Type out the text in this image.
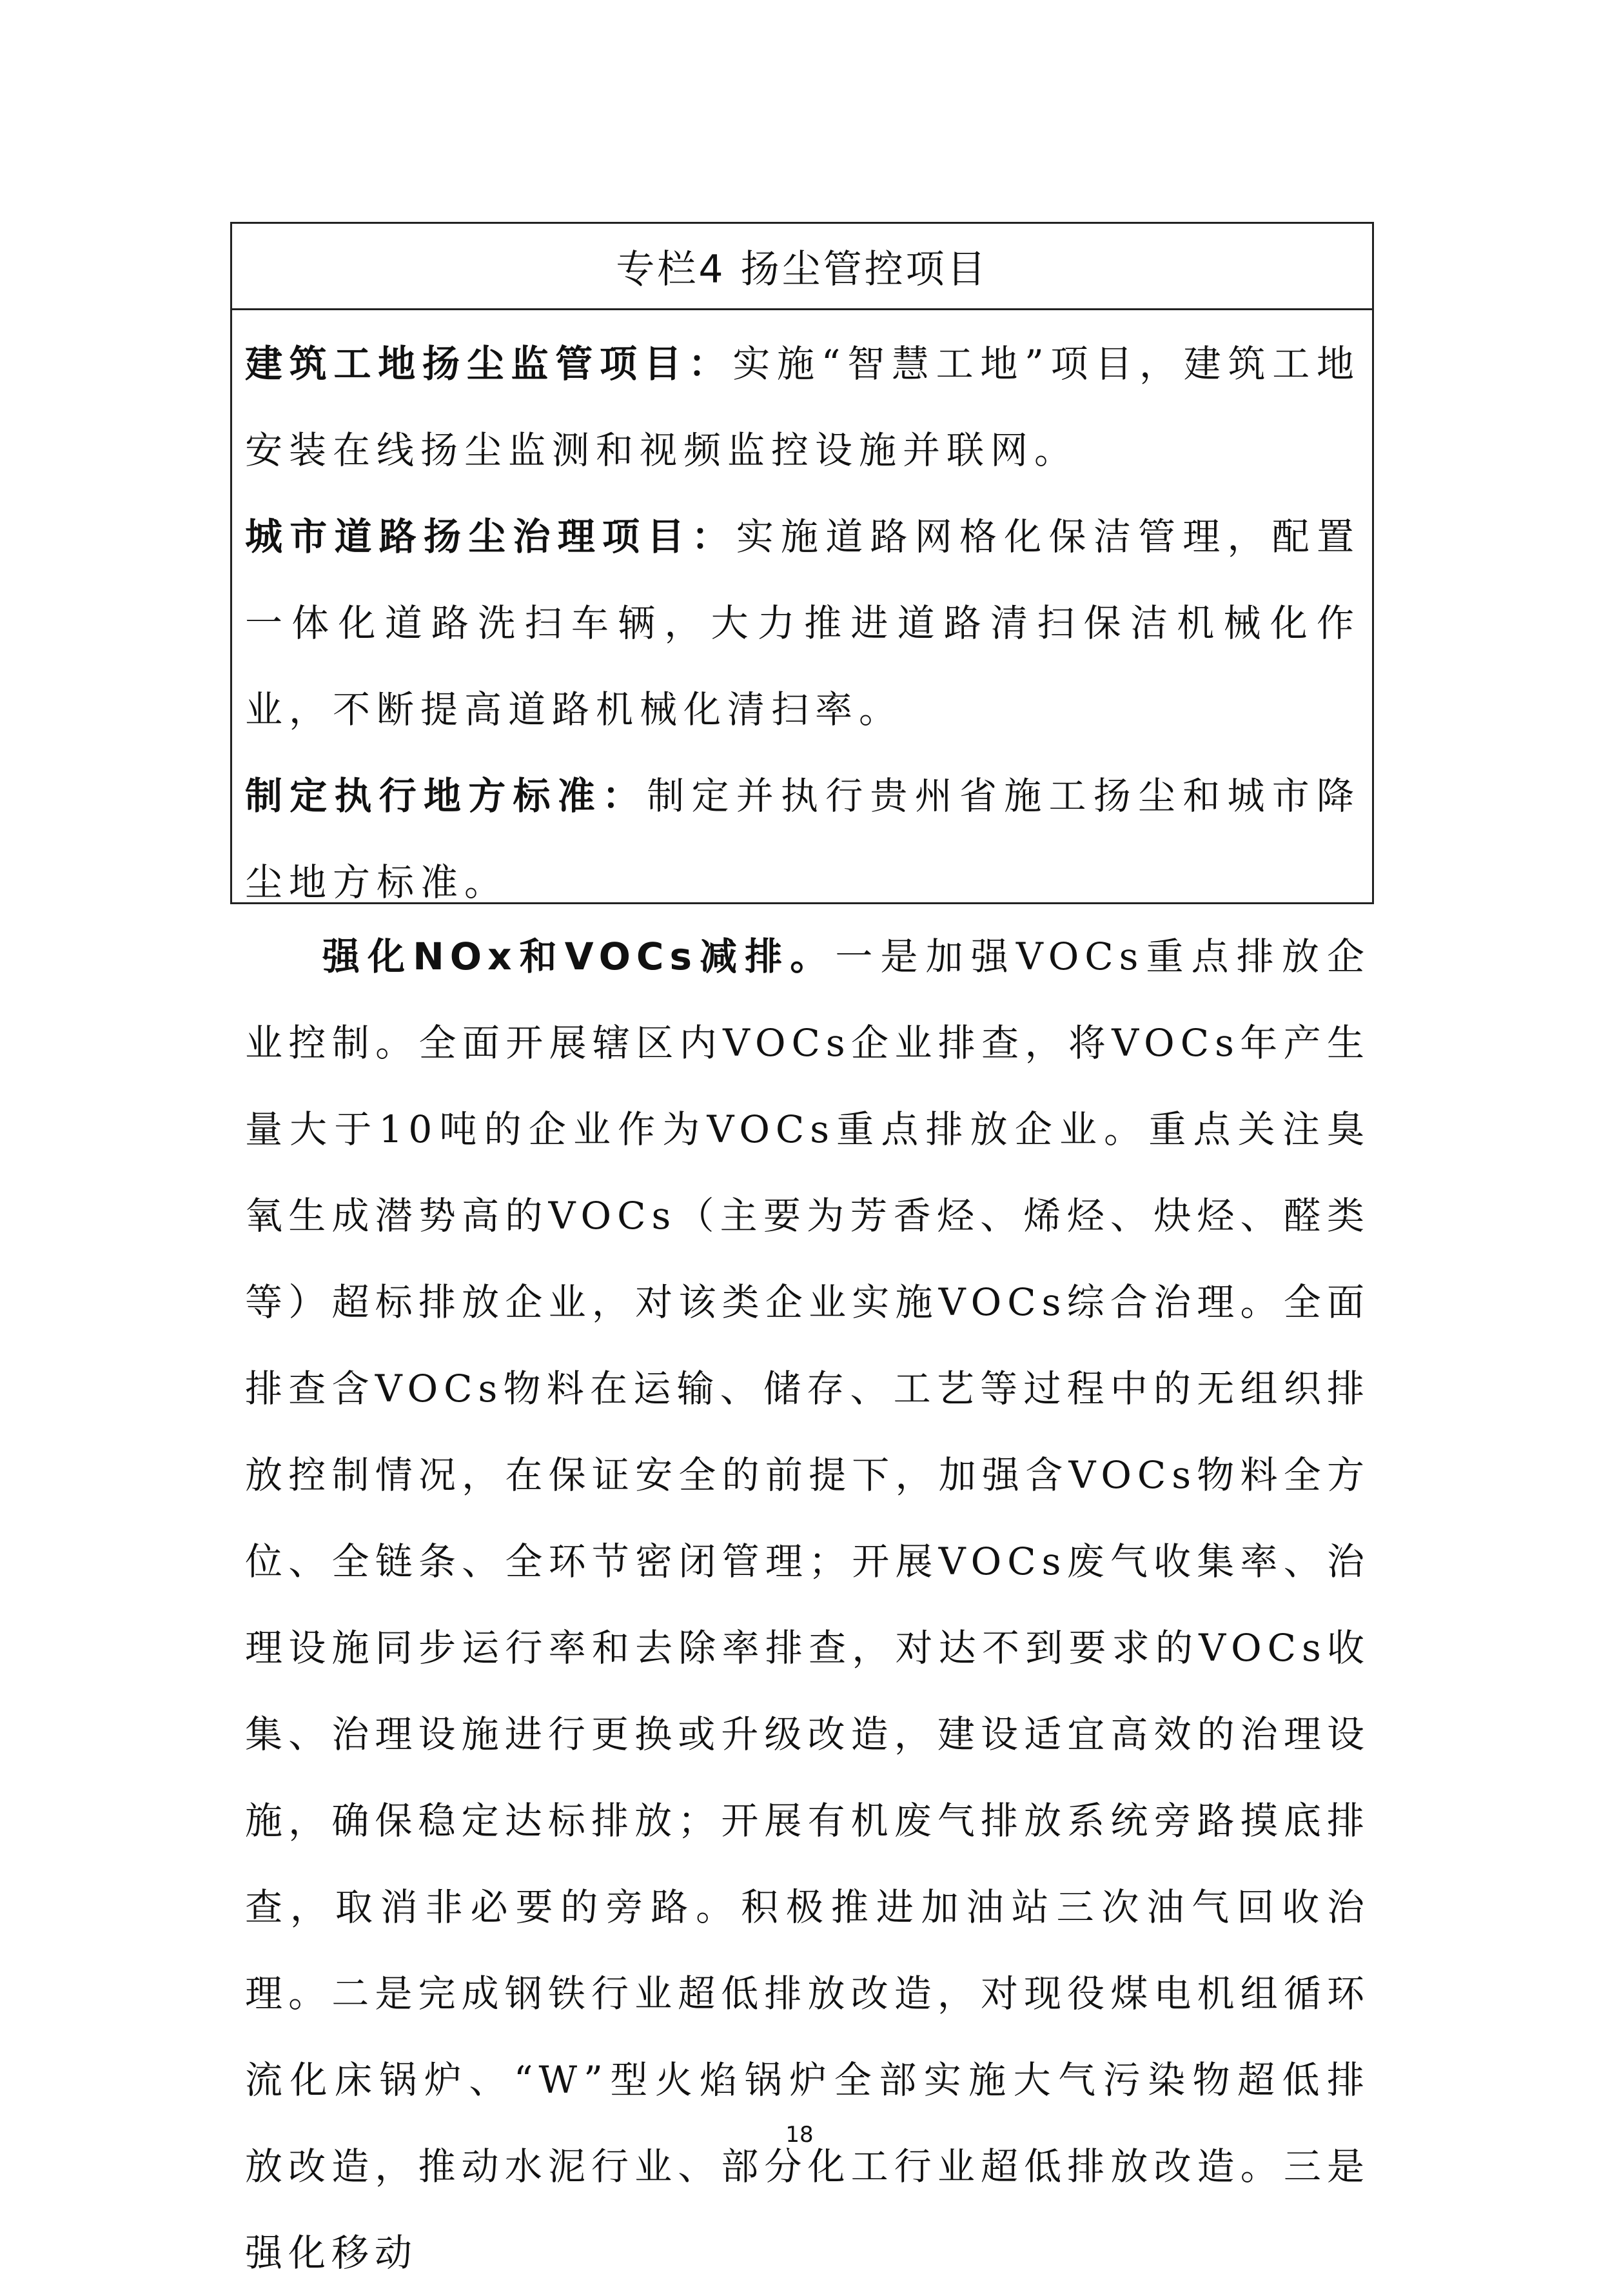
专栏4 扬尘管控项目

建筑工地扬尘监管项目：实施“智慧工地”项目，建筑工地安装在线扬尘监测和视频监控设施并联网。

城市道路扬尘治理项目：实施道路网格化保洁管理，配置一体化道路洗扫车辆，大力推进道路清扫保洁机械化作业，不断提高道路机械化清扫率。

制定执行地方标准：制定并执行贵州省施工扬尘和城市降尘地方标准。

强化NOx和VOCs减排。一是加强VOCs重点排放企业控制。全面开展辖区内VOCs企业排查，将VOCs年产生量大于10吨的企业作为VOCs重点排放企业。重点关注臭氧生成潜势高的VOCs（主要为芳香烃、烯烃、炔烃、醛类等）超标排放企业，对该类企业实施VOCs综合治理。全面排查含VOCs物料在运输、储存、工艺等过程中的无组织排放控制情况，在保证安全的前提下，加强含VOCs物料全方位、全链条、全环节密闭管理；开展VOCs废气收集率、治理设施同步运行率和去除率排查，对达不到要求的VOCs收集、治理设施进行更换或升级改造，建设适宜高效的治理设施，确保稳定达标排放；开展有机废气排放系统旁路摸底排查，取消非必要的旁路。积极推进加油站三次油气回收治理。二是完成钢铁行业超低排放改造，对现役煤电机组循环流化床锅炉、“W”型火焰锅炉全部实施大气污染物超低排放改造，推动水泥行业、部分化工行业超低排放改造。三是强化移动

18
